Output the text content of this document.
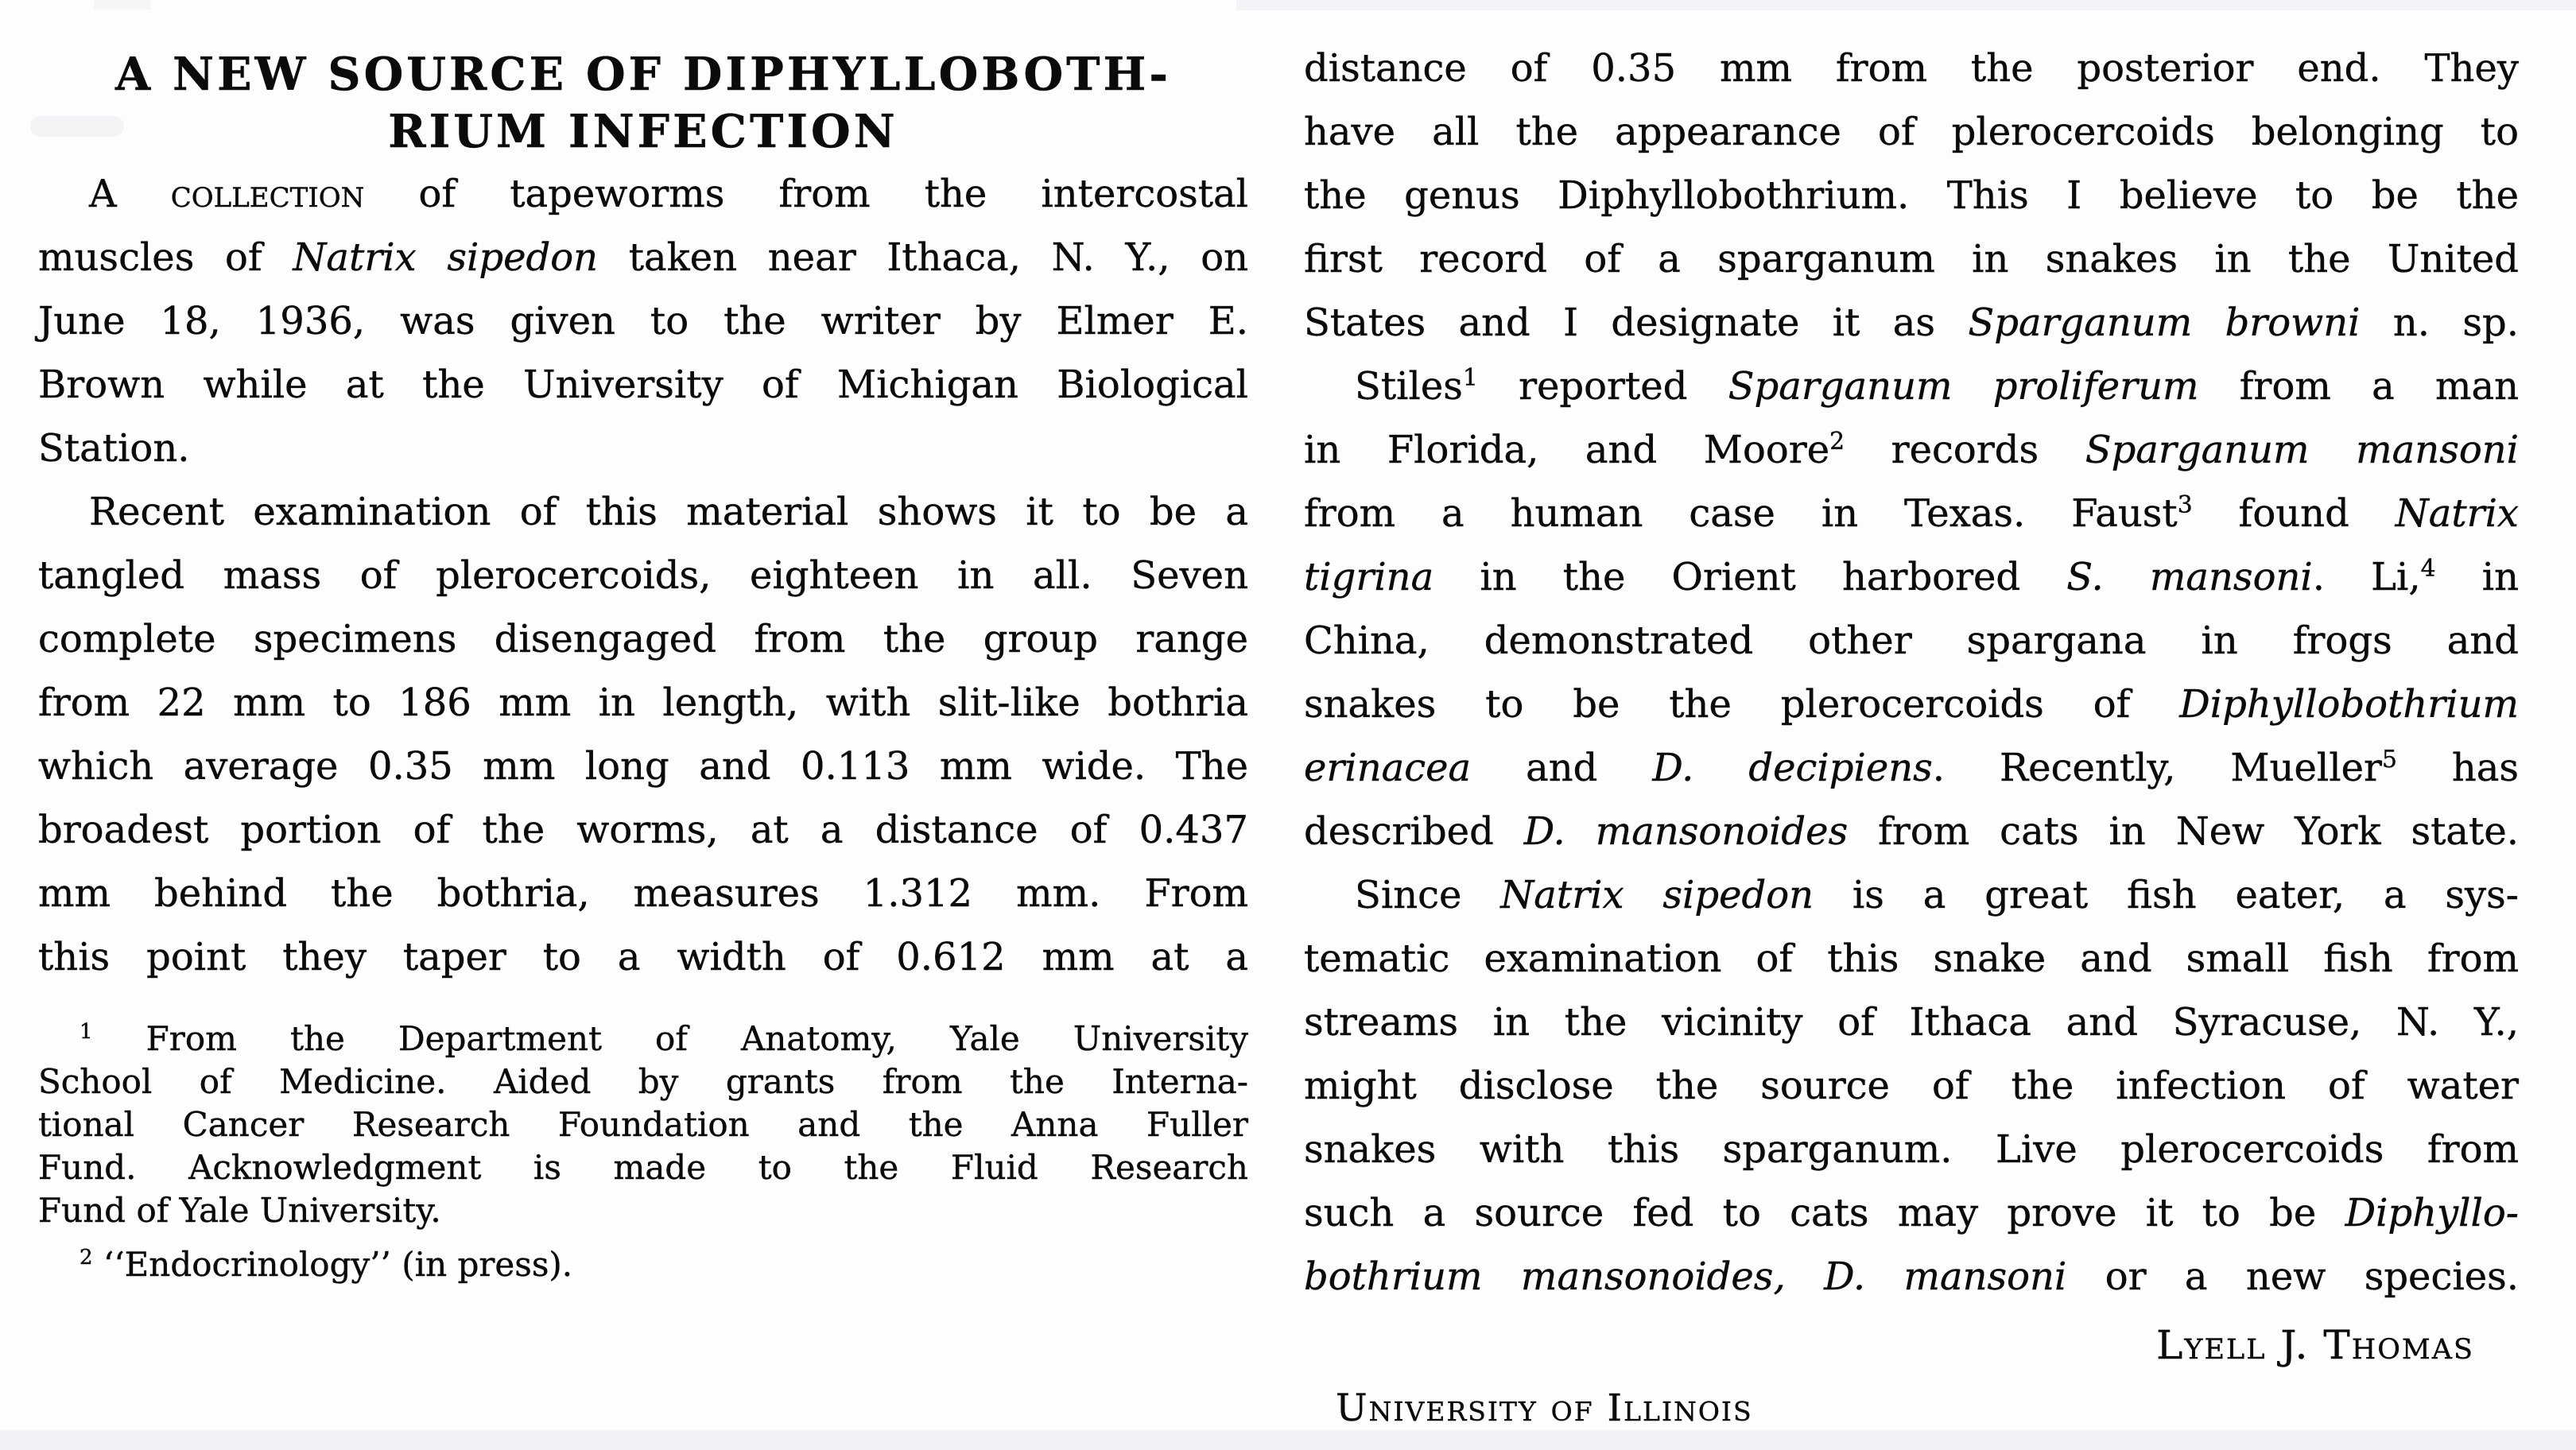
A NEW SOURCE OF DIPHYLLOBOTH-
RIUM INFECTION
A collection of tapeworms from the intercostal
muscles of Natrix sipedon taken near Ithaca, N. Y., on
June 18, 1936, was given to the writer by Elmer E.
Brown while at the University of Michigan Biological
Station.
Recent examination of this material shows it to be a
tangled mass of plerocercoids, eighteen in all. Seven
complete specimens disengaged from the group range
from 22 mm to 186 mm in length, with slit-like bothria
which average 0.35 mm long and 0.113 mm wide. The
broadest portion of the worms, at a distance of 0.437
mm behind the bothria, measures 1.312 mm. From
this point they taper to a width of 0.612 mm at a
$^1$ From the Department of Anatomy, Yale University
School of Medicine. Aided by grants from the Interna-
tional Cancer Research Foundation and the Anna Fuller
Fund. Acknowledgment is made to the Fluid Research
Fund of Yale University.
$^2$ ‘‘Endocrinology’’ (in press).
distance of 0.35 mm from the posterior end. They
have all the appearance of plerocercoids belonging to
the genus Diphyllobothrium. This I believe to be the
first record of a sparganum in snakes in the United
States and I designate it as Sparganum browni n. sp.
Stiles$^1$ reported Sparganum proliferum from a man
in Florida, and Moore$^2$ records Sparganum mansoni
from a human case in Texas. Faust$^3$ found Natrix
tigrina in the Orient harbored S. mansoni. Li,$^4$ in
China, demonstrated other spargana in frogs and
snakes to be the plerocercoids of Diphyllobothrium
erinacea and D. decipiens. Recently, Mueller$^5$ has
described D. mansonoides from cats in New York state.
Since Natrix sipedon is a great fish eater, a sys-
tematic examination of this snake and small fish from
streams in the vicinity of Ithaca and Syracuse, N. Y.,
might disclose the source of the infection of water
snakes with this sparganum. Live plerocercoids from
such a source fed to cats may prove it to be Diphyllo-
bothrium mansonoides, D. mansoni or a new species.
Lyell J. Thomas
University of Illinois
